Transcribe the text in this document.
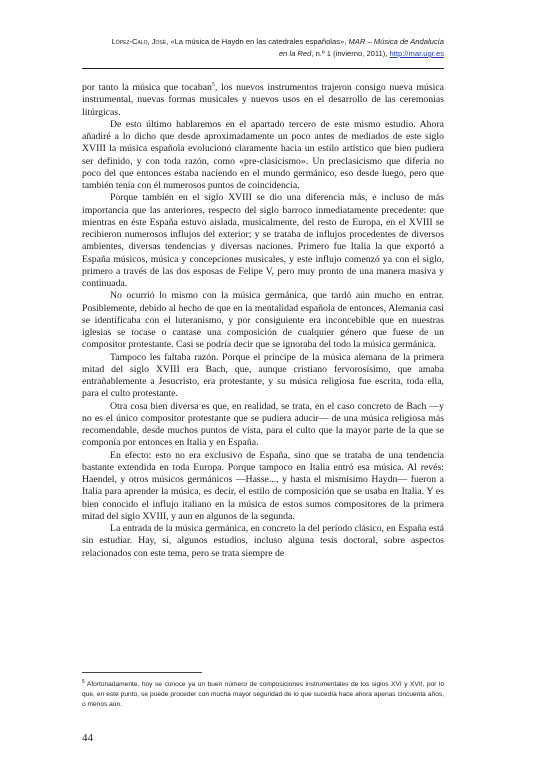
López-Calo, José, «La música de Haydn en las catedrales españolas», MAR – Música de Andalucía
en la Red, n.º 1 (invierno, 2011), http://mar.ugr.es

por tanto la música que tocaban$^5$, los nuevos instrumentos trajeron consigo nueva música instrumental, nuevas formas musicales y nuevos usos en el desarrollo de las ceremonias litúrgicas.

De esto último hablaremos en el apartado tercero de este mismo estudio. Ahora añadiré a lo dicho que desde aproximadamente un poco antes de mediados de este siglo XVIII la música española evolucionó claramente hacia un estilo artístico que bien pudiera ser definido, y con toda razón, como «pre-clasicismo». Un preclasicismo que difería no poco del que entonces estaba naciendo en el mundo germánico, eso desde luego, pero que también tenía con él numerosos puntos de coincidencia.

Porque también en el siglo XVIII se dio una diferencia más, e incluso de más importancia que las anteriores, respecto del siglo barroco inmediatamente precedente: que mientras en éste España estuvo aislada, musicalmente, del resto de Europa, en el XVIII se recibieron numerosos influjos del exterior; y se trataba de influjos procedentes de diversos ambientes, diversas tendencias y diversas naciones. Primero fue Italia la que exportó a España músicos, música y concepciones musicales, y este influjo comenzó ya con el siglo, primero a través de las dos esposas de Felipe V, pero muy pronto de una manera masiva y continuada.

No ocurrió lo mismo con la música germánica, que tardó aún mucho en entrar. Posiblemente, debido al hecho de que en la mentalidad española de entonces, Alemania casi se identificaba con el luteranismo, y por consiguiente era inconcebible que en nuestras iglesias se tocase o cantase una composición de cualquier género que fuese de un compositor protestante. Casi se podría decir que se ignoraba del todo la música germánica.

Tampoco les faltaba razón. Porque el príncipe de la música alemana de la primera mitad del siglo XVIII era Bach, que, aunque cristiano fervorosísimo, que amaba entrañablemente a Jesucristo, era protestante, y su música religiosa fue escrita, toda ella, para el culto protestante.

Otra cosa bien diversa es que, en realidad, se trata, en el caso concreto de Bach —y no es el único compositor protestante que se pudiera aducir— de una música religiosa más recomendable, desde muchos puntos de vista, para el culto que la mayor parte de la que se componía por entonces en Italia y en España.

En efecto: esto no era exclusivo de España, sino que se trataba de una tendencia bastante extendida en toda Europa. Porque tampoco en Italia entró esa música. Al revés: Haendel, y otros músicos germánicos —Hasse..., y hasta el mismísimo Haydn— fueron a Italia para aprender la música, es decir, el estilo de composición que se usaba en Italia. Y es bien conocido el influjo italiano en la música de estos sumos compositores de la primera mitad del siglo XVIII, y aun en algunos de la segunda.

La entrada de la música germánica, en concreto la del período clásico, en España está sin estudiar. Hay, sí, algunos estudios, incluso alguna tesis doctoral, sobre aspectos relacionados con este tema, pero se trata siempre de

$^5$ Afortunadamente, hoy se conoce ya un buen número de composiciones instrumentales de los siglos XVI y XVII, por lo que, en este punto, se puede proceder con mucha mayor seguridad de lo que sucedía hace ahora apenas cincuenta años, o menos aún.
44
